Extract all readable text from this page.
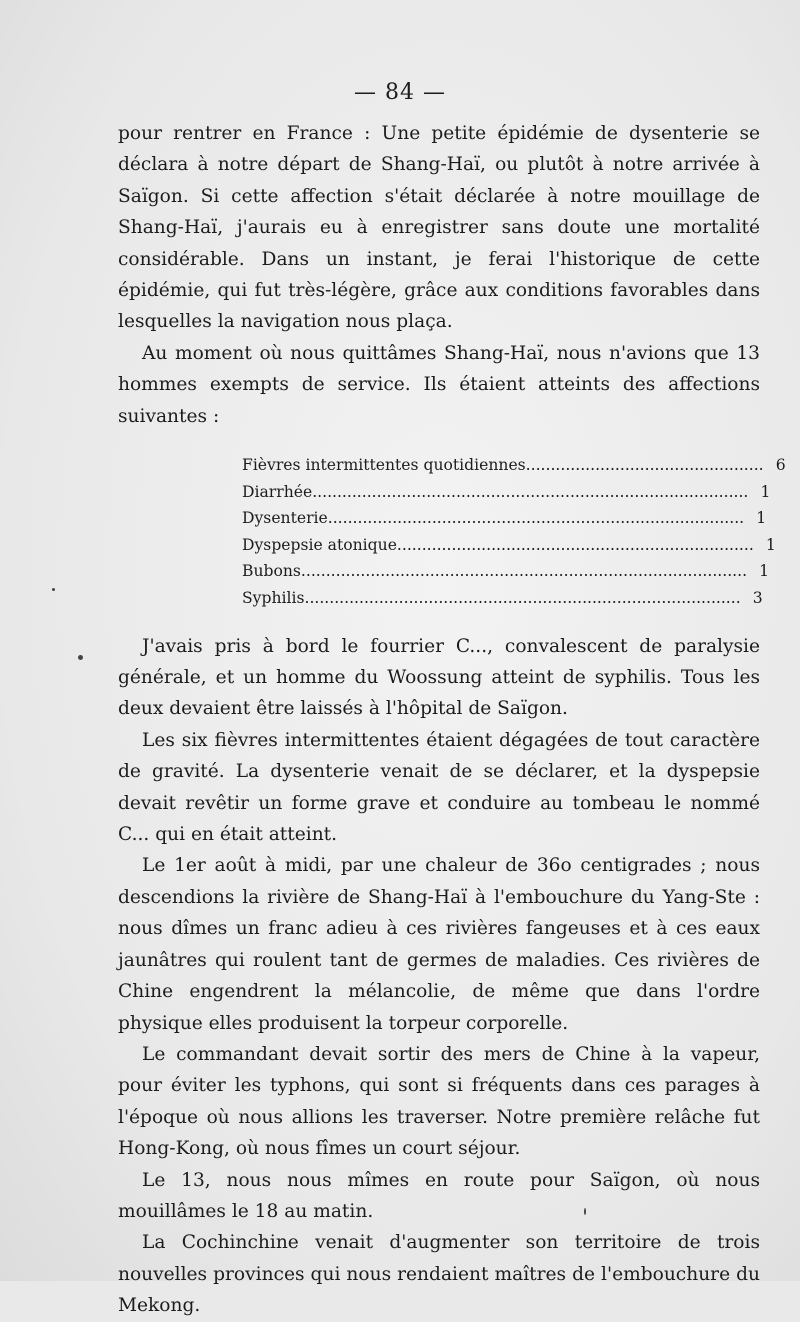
— 84 —

pour rentrer en France : Une petite épidémie de dysenterie se déclara à notre départ de Shang-Haï, ou plutôt à notre arrivée à Saïgon. Si cette affection s'était déclarée à notre mouillage de Shang-Haï, j'aurais eu à enregistrer sans doute une mortalité considérable. Dans un instant, je ferai l'historique de cette épidémie, qui fut très-légère, grâce aux conditions favorables dans lesquelles la navigation nous plaça.

Au moment où nous quittâmes Shang-Haï, nous n'avions que 13 hommes exempts de service. Ils étaient atteints des affections suivantes :

Fièvres intermittentes quotidiennes................................................ 6
Diarrhée........................................................................................ 1
Dysenterie.................................................................................... 1
Dyspepsie atonique........................................................................ 1
Bubons.......................................................................................... 1
Syphilis........................................................................................ 3

J'avais pris à bord le fourrier C..., convalescent de paralysie générale, et un homme du Woossung atteint de syphilis. Tous les deux devaient être laissés à l'hôpital de Saïgon.

Les six fièvres intermittentes étaient dégagées de tout caractère de gravité. La dysenterie venait de se déclarer, et la dyspepsie devait revêtir un forme grave et conduire au tombeau le nommé C... qui en était atteint.

Le 1er août à midi, par une chaleur de 36o centigrades ; nous descendions la rivière de Shang-Haï à l'embouchure du Yang-Ste : nous dîmes un franc adieu à ces rivières fangeuses et à ces eaux jaunâtres qui roulent tant de germes de maladies. Ces rivières de Chine engendrent la mélancolie, de même que dans l'ordre physique elles produisent la torpeur corporelle.

Le commandant devait sortir des mers de Chine à la vapeur, pour éviter les typhons, qui sont si fréquents dans ces parages à l'époque où nous allions les traverser. Notre première relâche fut Hong-Kong, où nous fîmes un court séjour.

Le 13, nous nous mîmes en route pour Saïgon, où nous mouillâmes le 18 au matin.

La Cochinchine venait d'augmenter son territoire de trois nouvelles provinces qui nous rendaient maîtres de l'embouchure du Mekong.
